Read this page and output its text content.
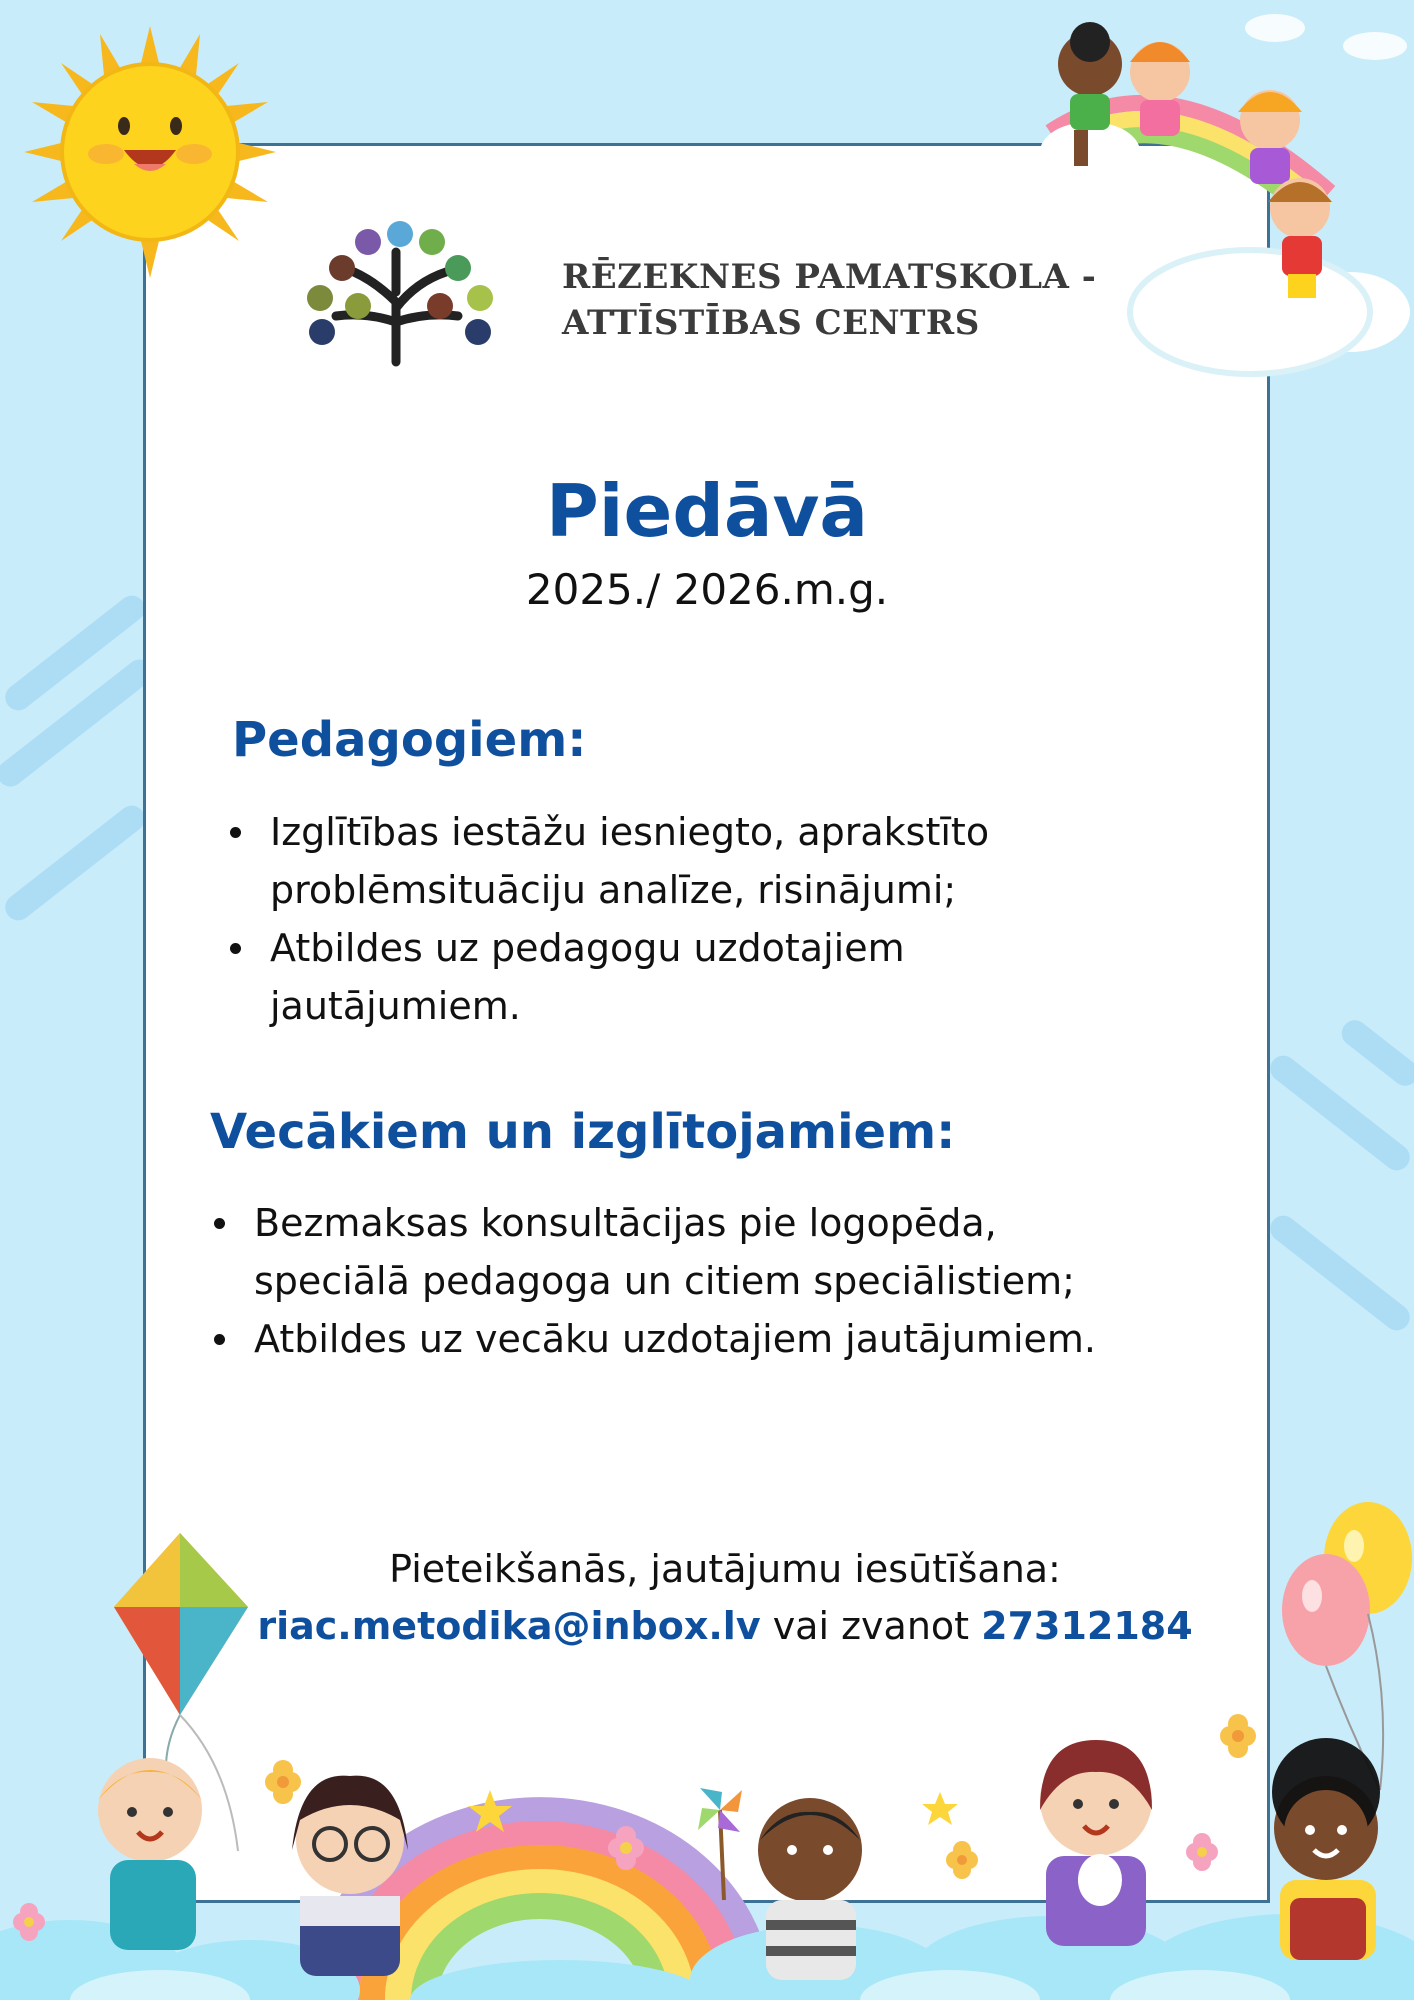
RĒZEKNES PAMATSKOLA -
ATTĪSTĪBAS CENTRS
Piedāvā
2025./ 2026.m.g.
Pedagogiem:
Izglītības iestāžu iesniegto, aprakstīto
problēmsituāciju analīze, risinājumi;
Atbildes uz pedagogu uzdotajiem
jautājumiem.
Vecākiem un izglītojamiem:
Bezmaksas konsultācijas pie logopēda,
speciālā pedagoga un citiem speciālistiem;
Atbildes uz vecāku uzdotajiem jautājumiem.
Pieteikšanās, jautājumu iesūtīšana:
riac.metodika@inbox.lv vai zvanot 27312184
